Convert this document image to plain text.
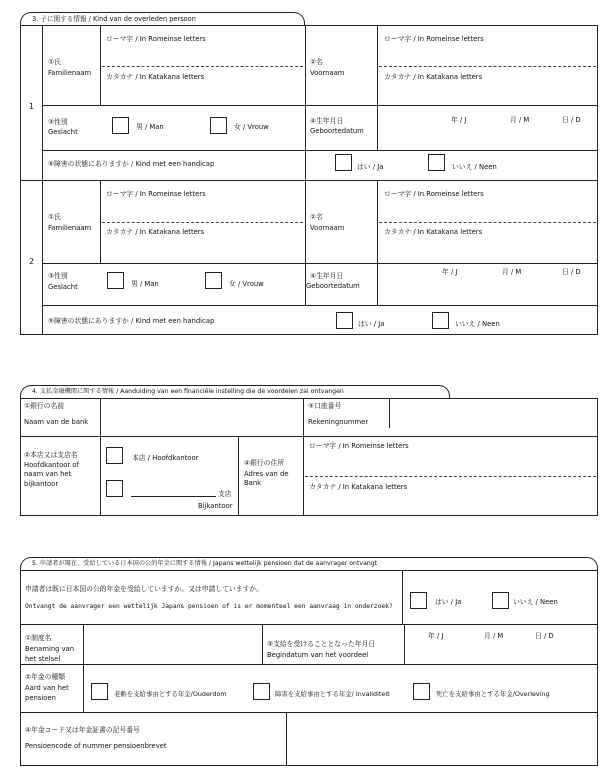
3. 子に関する情報 / Kind van de overleden persoon
1
①氏
Familienaam
ローマ字 / In Romeinse letters
カタカナ / In Katakana letters
②名
Voornaam
ローマ字 / In Romeinse letters
カタカナ / In Katakana letters
③性別
Geslacht
男 / Man	女 / Vrouw
④生年月日
Geboortedatum
年 / J	月 / M	日 / D
⑤障害の状態にありますか / Kind met een handicap	はい / Ja	いいえ / Neen
2
①氏
Familienaam
ローマ字 / In Romeinse letters
カタカナ / In Katakana letters
②名
Voornaam
ローマ字 / In Romeinse letters
カタカナ / In Katakana letters
③性別
Geslacht	男 / Man	女 / Vrouw
④生年月日
Geboortedatum
年 / J	月 / M	日 / D
⑤障害の状態にありますか / Kind met een handicap	はい / Ja	いいえ / Neen
4. 支払金融機関に関する情報 / Aanduiding van een financiële instelling die de voordelen zal ontvangen
①銀行の名前
Naam van de bank
③口座番号
Rekeningnummer
②本店又は支店名
Hoofdkantoor of
naam van het
bijkantoor
本店 / Hoofdkantoor
支店
Bijkantoor
④銀行の住所
Adres van de
Bank
ローマ字 / In Romeinse letters
カタカナ / In Katakana letters
5. 申請者が現在、受給している日本国の公的年金に関する情報 / Japans wettelijk pensioen dat de aanvrager ontvangt
申請者は既に日本国の公的年金を受給していますか。又は申請していますか。
Ontvangt de aanvrager een wettelijk Japans pensioen of is er momenteel een aanvraag in onderzoek?
はい / Ja	いいえ / Neen
①制度名
Benaming van
het stelsel
③支給を受けることとなった年月日
Begindatum van het voordeel
年 / J	月 / M	日 / D
②年金の種類
Aard van het
pensioen	老齢を支給事由とする年金/Ouderdom	障害を支給事由とする年金/ Invaliditeit	死亡を支給事由とする年金/Overleving
④年金コード又は年金証書の記号番号
Pensioencode of nummer pensioenbrevet
